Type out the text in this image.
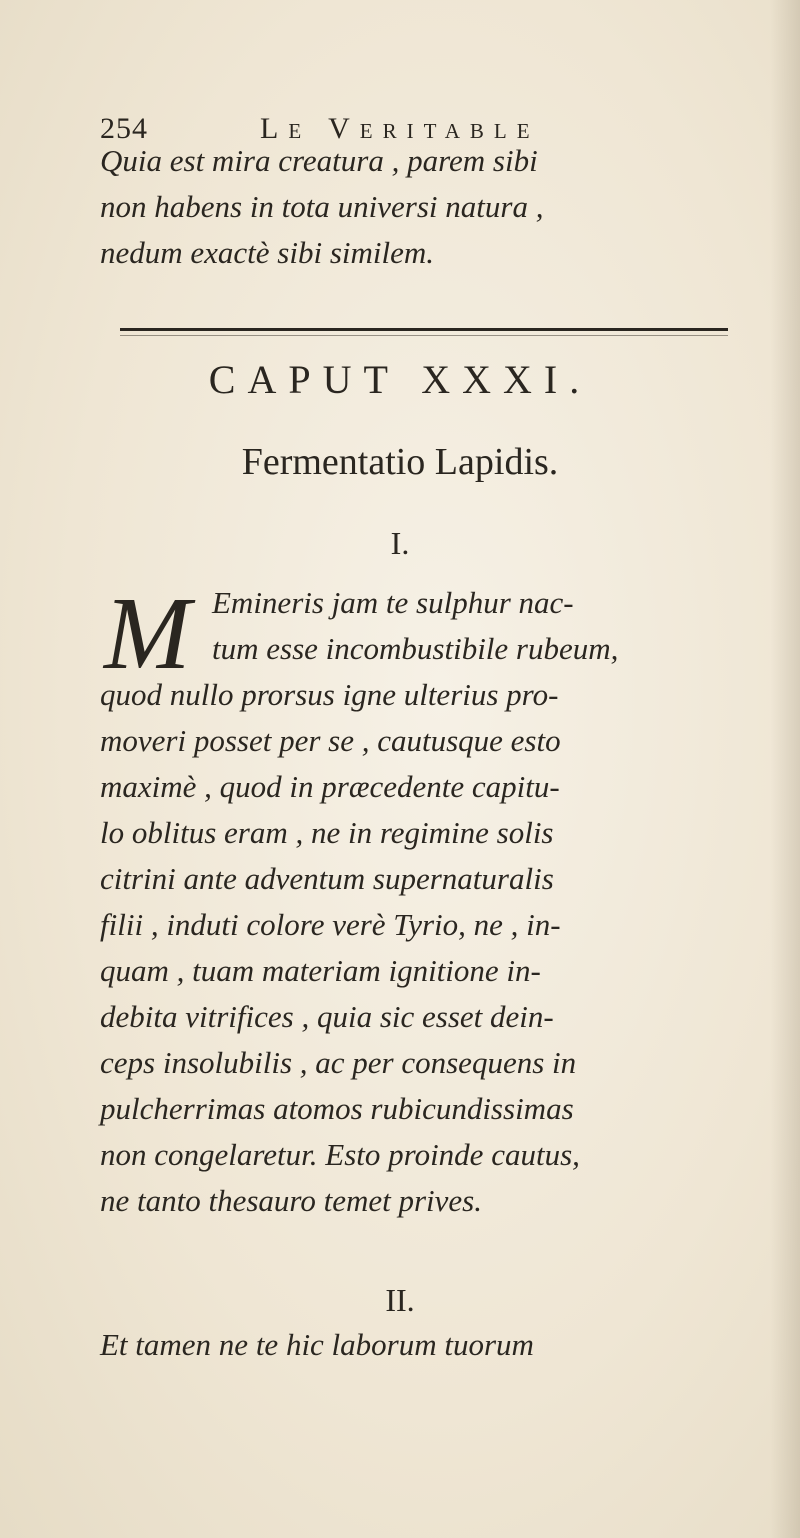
254	Le Veritable
Quia est mira creatura , parem sibi
non habens in tota universi natura ,
nedum exactè sibi similem.
CAPUT XXXI.
Fermentatio Lapidis.
I.
M Emineris jam te sulphur nac-
tum esse incombustibile rubeum,
quod nullo prorsus igne ulterius pro-
moveri posset per se , cautusque esto
maximè , quod in præcedente capitu-
lo oblitus eram , ne in regimine solis
citrini ante adventum supernaturalis
filii , induti colore verè Tyrio, ne , in-
quam , tuam materiam ignitione in-
debita vitrifices , quia sic esset dein-
ceps insolubilis , ac per consequens in
pulcherrimas atomos rubicundissimas
non congelaretur. Esto proinde cautus,
ne tanto thesauro temet prives.
II.
Et tamen ne te hic laborum tuorum
